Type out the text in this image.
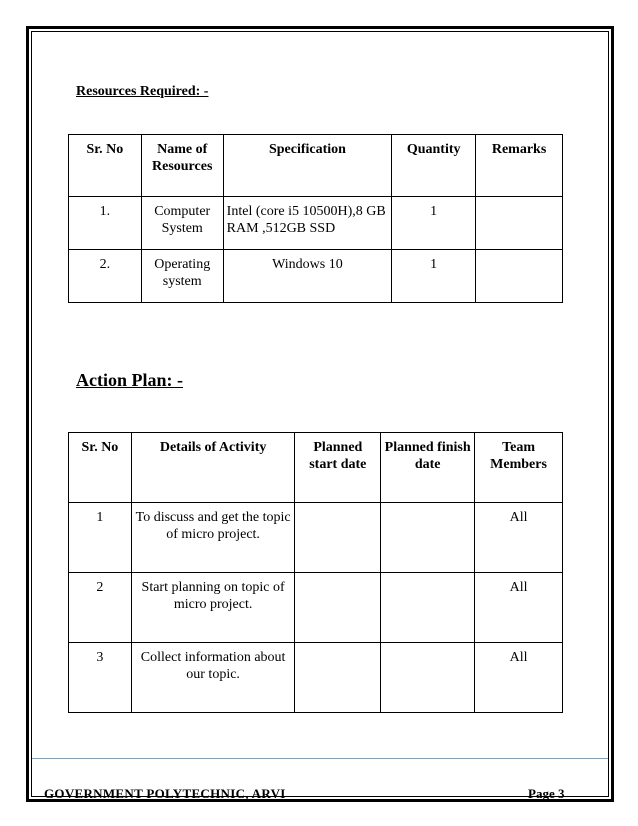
Resources Required: -
Sr. No	Name of Resources	Specification	Quantity	Remarks
1.	Computer System	Intel (core i5 10500H),8 GB RAM ,512GB SSD	1	
2.	Operating system	Windows 10	1	
Action Plan: -
Sr. No	Details of Activity	Planned start date	Planned finish date	Team Members
1	To discuss and get the topic of micro project.			All
2	Start planning on topic of micro project.			All
3	Collect information about our topic.			All
GOVERNMENT POLYTECHNIC, ARVI	Page 3
